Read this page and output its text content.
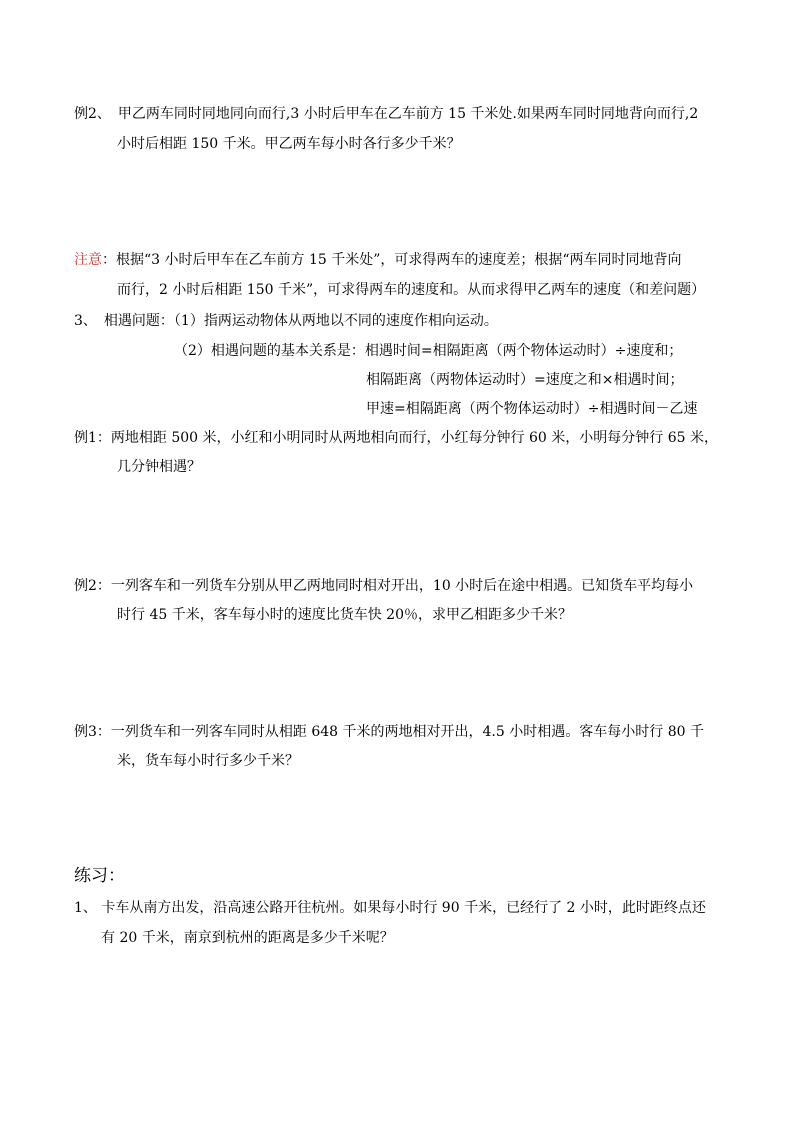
例2、　甲乙两车同时同地同向而行,3 小时后甲车在乙车前方 15 千米处.如果两车同时同地背向而行,2
小时后相距 150 千米。甲乙两车每小时各行多少千米？
注意：根据“3 小时后甲车在乙车前方 15 千米处”，可求得两车的速度差；根据“两车同时同地背向
而行，2 小时后相距 150 千米”，可求得两车的速度和。从而求得甲乙两车的速度（和差问题）
3、　相遇问题：（1）指两运动物体从两地以不同的速度作相向运动。
（2）相遇问题的基本关系是：相遇时间=相隔距离（两个物体运动时）÷速度和；
相隔距离（两物体运动时）=速度之和×相遇时间；
甲速=相隔距离（两个物体运动时）÷相遇时间－乙速
例1：两地相距 500 米，小红和小明同时从两地相向而行，小红每分钟行 60 米，小明每分钟行 65 米，
几分钟相遇？
例2：一列客车和一列货车分别从甲乙两地同时相对开出，10 小时后在途中相遇。已知货车平均每小
时行 45 千米，客车每小时的速度比货车快 20％，求甲乙相距多少千米？
例3：一列货车和一列客车同时从相距 648 千米的两地相对开出，4.5 小时相遇。客车每小时行 80 千
米，货车每小时行多少千米？
练习：
1、 卡车从南方出发，沿高速公路开往杭州。如果每小时行 90 千米，已经行了 2 小时，此时距终点还
有 20 千米，南京到杭州的距离是多少千米呢？
